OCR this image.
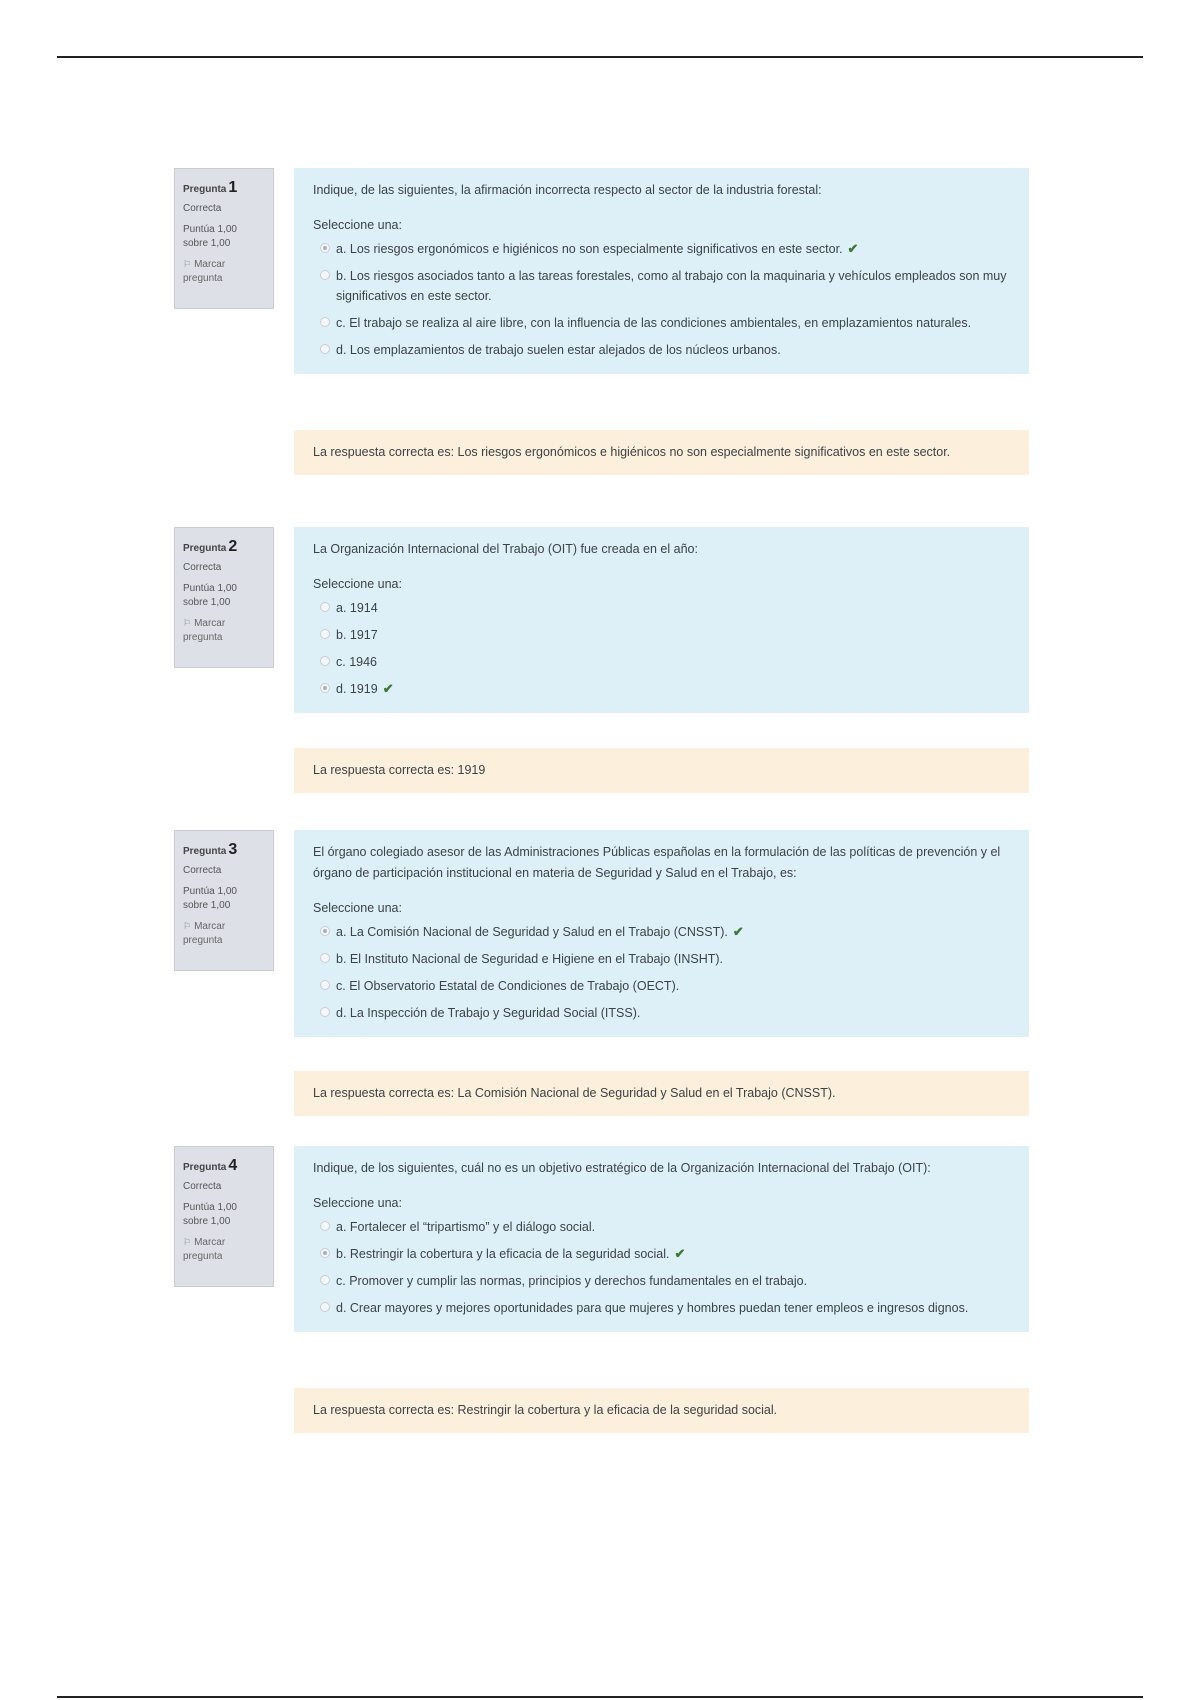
Pregunta 1
Correcta
Puntúa 1,00
sobre 1,00
⚐ Marcar
pregunta
Indique, de las siguientes, la afirmación incorrecta respecto al sector de la industria forestal:
Seleccione una:
a. Los riesgos ergonómicos e higiénicos no son especialmente significativos en este sector. ✔
b. Los riesgos asociados tanto a las tareas forestales, como al trabajo con la maquinaria y vehículos empleados son muy significativos en este sector.
c. El trabajo se realiza al aire libre, con la influencia de las condiciones ambientales, en emplazamientos naturales.
d. Los emplazamientos de trabajo suelen estar alejados de los núcleos urbanos.
La respuesta correcta es: Los riesgos ergonómicos e higiénicos no son especialmente significativos en este sector.
Pregunta 2
Correcta
Puntúa 1,00
sobre 1,00
⚐ Marcar
pregunta
La Organización Internacional del Trabajo (OIT) fue creada en el año:
Seleccione una:
a. 1914
b. 1917
c. 1946
d. 1919 ✔
La respuesta correcta es: 1919
Pregunta 3
Correcta
Puntúa 1,00
sobre 1,00
⚐ Marcar
pregunta
El órgano colegiado asesor de las Administraciones Públicas españolas en la formulación de las políticas de prevención y el órgano de participación institucional en materia de Seguridad y Salud en el Trabajo, es:
Seleccione una:
a. La Comisión Nacional de Seguridad y Salud en el Trabajo (CNSST). ✔
b. El Instituto Nacional de Seguridad e Higiene en el Trabajo (INSHT).
c. El Observatorio Estatal de Condiciones de Trabajo (OECT).
d. La Inspección de Trabajo y Seguridad Social (ITSS).
La respuesta correcta es: La Comisión Nacional de Seguridad y Salud en el Trabajo (CNSST).
Pregunta 4
Correcta
Puntúa 1,00
sobre 1,00
⚐ Marcar
pregunta
Indique, de los siguientes, cuál no es un objetivo estratégico de la Organización Internacional del Trabajo (OIT):
Seleccione una:
a. Fortalecer el “tripartismo” y el diálogo social.
b. Restringir la cobertura y la eficacia de la seguridad social. ✔
c. Promover y cumplir las normas, principios y derechos fundamentales en el trabajo.
d. Crear mayores y mejores oportunidades para que mujeres y hombres puedan tener empleos e ingresos dignos.
La respuesta correcta es: Restringir la cobertura y la eficacia de la seguridad social.
